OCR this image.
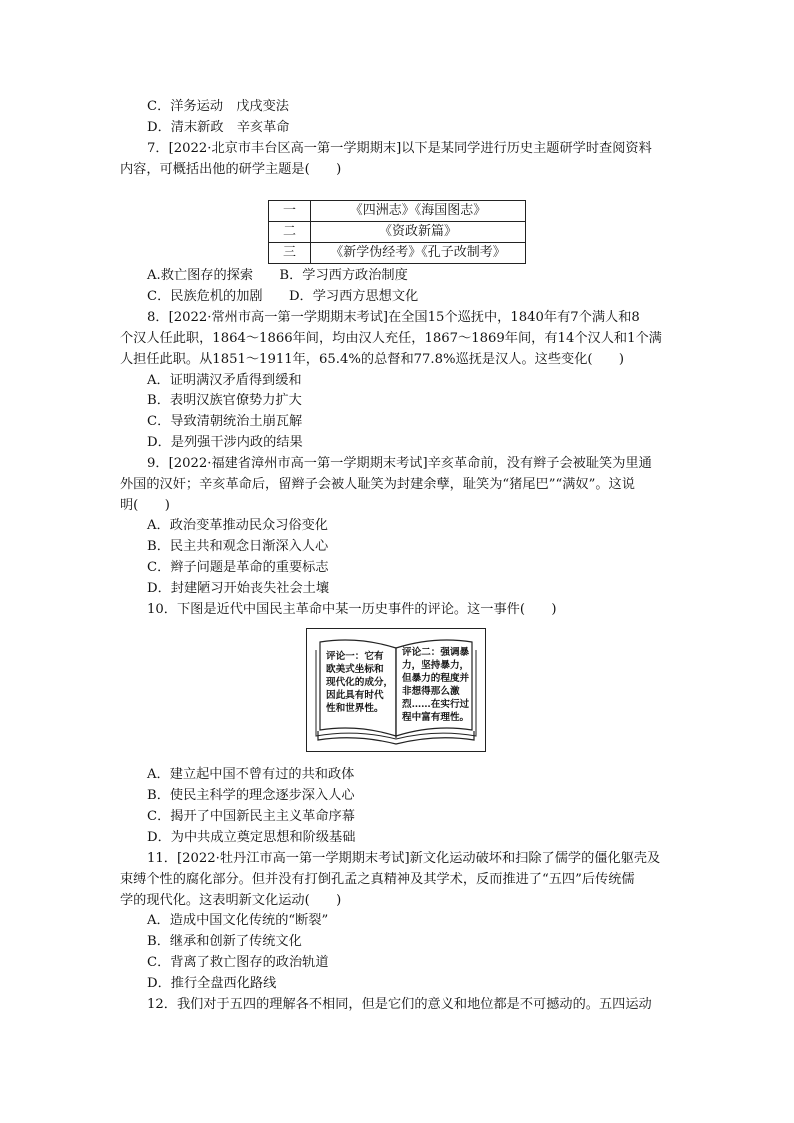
C．洋务运动　戊戌变法
D．清末新政　辛亥革命
7．[2022·北京市丰台区高一第一学期期末]以下是某同学进行历史主题研学时查阅资料
内容，可概括出他的研学主题是(　　)
一	《四洲志》《海国图志》
二	《资政新篇》
三	《新学伪经考》《孔子改制考》
A.救亡图存的探索　　B．学习西方政治制度
C．民族危机的加剧　　D．学习西方思想文化
8．[2022·常州市高一第一学期期末考试]在全国15个巡抚中，1840年有7个满人和8
个汉人任此职，1864～1866年间，均由汉人充任，1867～1869年间，有14个汉人和1个满
人担任此职。从1851～1911年，65.4%的总督和77.8%巡抚是汉人。这些变化(　　)
A．证明满汉矛盾得到缓和
B．表明汉族官僚势力扩大
C．导致清朝统治土崩瓦解
D．是列强干涉内政的结果
9．[2022·福建省漳州市高一第一学期期末考试]辛亥革命前，没有辫子会被耻笑为里通
外国的汉奸；辛亥革命后，留辫子会被人耻笑为封建余孽，耻笑为“猪尾巴”“满奴”。这说
明(　　)
A．政治变革推动民众习俗变化
B．民主共和观念日渐深入人心
C．辫子问题是革命的重要标志
D．封建陋习开始丧失社会土壤
10．下图是近代中国民主革命中某一历史事件的评论。这一事件(　　)
评论一：它有
欧美式坐标和
现代化的成分，
因此具有时代
性和世界性。
评论二：强调暴
力，坚持暴力，
但暴力的程度并
非想得那么激
烈……在实行过
程中富有理性。
A．建立起中国不曾有过的共和政体
B．使民主科学的理念逐步深入人心
C．揭开了中国新民主主义革命序幕
D．为中共成立奠定思想和阶级基础
11．[2022·牡丹江市高一第一学期期末考试]新文化运动破坏和扫除了儒学的僵化躯壳及
束缚个性的腐化部分。但并没有打倒孔孟之真精神及其学术，反而推进了“五四”后传统儒
学的现代化。这表明新文化运动(　　)
A．造成中国文化传统的“断裂”
B．继承和创新了传统文化
C．背离了救亡图存的政治轨道
D．推行全盘西化路线
12．我们对于五四的理解各不相同，但是它们的意义和地位都是不可撼动的。五四运动
